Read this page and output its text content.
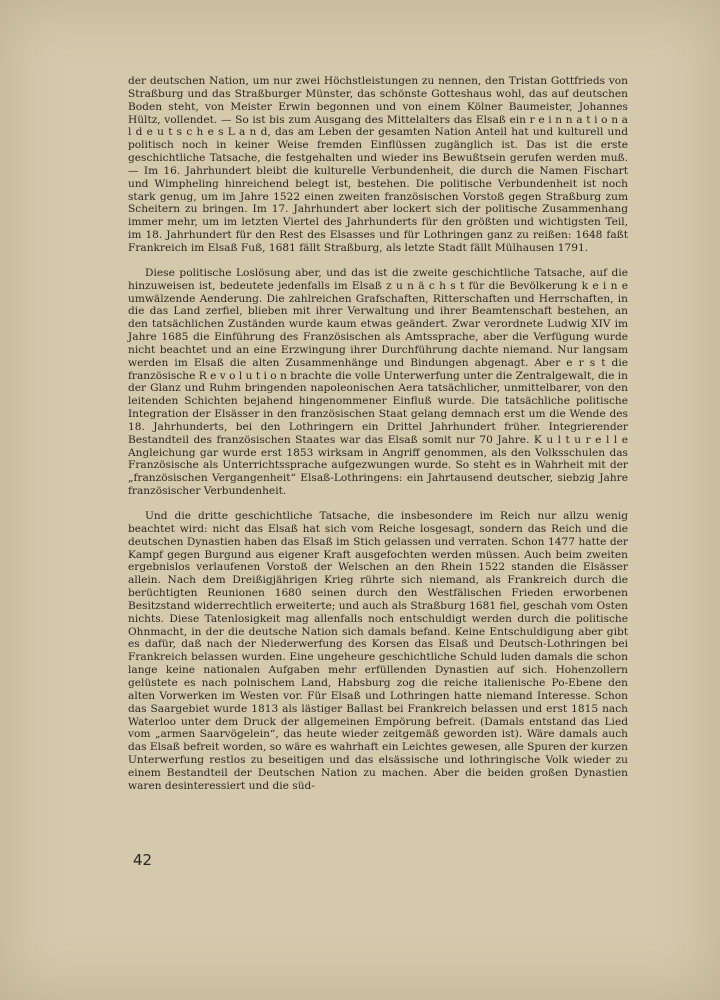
der deutschen Nation, um nur zwei Höchstleistungen zu nennen, den Tristan Gottfrieds von Straßburg und das Straßburger Münster, das schönste Gotteshaus wohl, das auf deutschen Boden steht, von Meister Erwin begonnen und von einem Kölner Baumeister, Johannes Hültz, vollendet. — So ist bis zum Ausgang des Mittelalters das Elsaß ein r e i n n a t i o n a l d e u t s c h e s L a n d, das am Leben der gesamten Nation Anteil hat und kulturell und politisch noch in keiner Weise fremden Einflüssen zugänglich ist. Das ist die erste geschichtliche Tatsache, die festgehalten und wieder ins Bewußtsein gerufen werden muß. — Im 16. Jahrhundert bleibt die kulturelle Verbundenheit, die durch die Namen Fischart und Wimpheling hinreichend belegt ist, bestehen. Die politische Verbundenheit ist noch stark genug, um im Jahre 1522 einen zweiten französischen Vorstoß gegen Straßburg zum Scheitern zu bringen. Im 17. Jahrhundert aber lockert sich der politische Zusammenhang immer mehr, um im letzten Viertel des Jahrhunderts für den größten und wichtigsten Teil, im 18. Jahrhundert für den Rest des Elsasses und für Lothringen ganz zu reißen: 1648 faßt Frankreich im Elsaß Fuß, 1681 fällt Straßburg, als letzte Stadt fällt Mülhausen 1791.

Diese politische Loslösung aber, und das ist die zweite geschichtliche Tatsache, auf die hinzuweisen ist, bedeutete jedenfalls im Elsaß z u n ä c h s t für die Bevölkerung k e i n e umwälzende Aenderung. Die zahlreichen Grafschaften, Ritterschaften und Herrschaften, in die das Land zerfiel, blieben mit ihrer Verwaltung und ihrer Beamtenschaft bestehen, an den tatsächlichen Zuständen wurde kaum etwas geändert. Zwar verordnete Ludwig XIV im Jahre 1685 die Einführung des Französischen als Amtssprache, aber die Verfügung wurde nicht beachtet und an eine Erzwingung ihrer Durchführung dachte niemand. Nur langsam werden im Elsaß die alten Zusammenhänge und Bindungen abgenagt. Aber e r s t die französische R e v o l u t i o n brachte die volle Unterwerfung unter die Zentralgewalt, die in der Glanz und Ruhm bringenden napoleonischen Aera tatsächlicher, unmittelbarer, von den leitenden Schichten bejahend hingenommener Einfluß wurde. Die tatsächliche politische Integration der Elsässer in den französischen Staat gelang demnach erst um die Wende des 18. Jahrhunderts, bei den Lothringern ein Drittel Jahrhundert früher. Integrierender Bestandteil des französischen Staates war das Elsaß somit nur 70 Jahre. K u l t u r e l l e Angleichung gar wurde erst 1853 wirksam in Angriff genommen, als den Volksschulen das Französische als Unterrichtssprache aufgezwungen wurde. So steht es in Wahrheit mit der „französischen Vergangenheit“ Elsaß-Lothringens: ein Jahrtausend deutscher, siebzig Jahre französischer Verbundenheit.

Und die dritte geschichtliche Tatsache, die insbesondere im Reich nur allzu wenig beachtet wird: nicht das Elsaß hat sich vom Reiche losgesagt, sondern das Reich und die deutschen Dynastien haben das Elsaß im Stich gelassen und verraten. Schon 1477 hatte der Kampf gegen Burgund aus eigener Kraft ausgefochten werden müssen. Auch beim zweiten ergebnislos verlaufenen Vorstoß der Welschen an den Rhein 1522 standen die Elsässer allein. Nach dem Dreißigjährigen Krieg rührte sich niemand, als Frankreich durch die berüchtigten Reunionen 1680 seinen durch den Westfälischen Frieden erworbenen Besitzstand widerrechtlich erweiterte; und auch als Straßburg 1681 fiel, geschah vom Osten nichts. Diese Tatenlosigkeit mag allenfalls noch entschuldigt werden durch die politische Ohnmacht, in der die deutsche Nation sich damals befand. Keine Entschuldigung aber gibt es dafür, daß nach der Niederwerfung des Korsen das Elsaß und Deutsch-Lothringen bei Frankreich belassen wurden. Eine ungeheure geschichtliche Schuld luden damals die schon lange keine nationalen Aufgaben mehr erfüllenden Dynastien auf sich. Hohenzollern gelüstete es nach polnischem Land, Habsburg zog die reiche italienische Po-Ebene den alten Vorwerken im Westen vor. Für Elsaß und Lothringen hatte niemand Interesse. Schon das Saargebiet wurde 1813 als lästiger Ballast bei Frankreich belassen und erst 1815 nach Waterloo unter dem Druck der allgemeinen Empörung befreit. (Damals entstand das Lied vom „armen Saarvögelein“, das heute wieder zeitgemäß geworden ist). Wäre damals auch das Elsaß befreit worden, so wäre es wahrhaft ein Leichtes gewesen, alle Spuren der kurzen Unterwerfung restlos zu beseitigen und das elsässische und lothringische Volk wieder zu einem Bestandteil der Deutschen Nation zu machen. Aber die beiden großen Dynastien waren desinteressiert und die süd-

42
